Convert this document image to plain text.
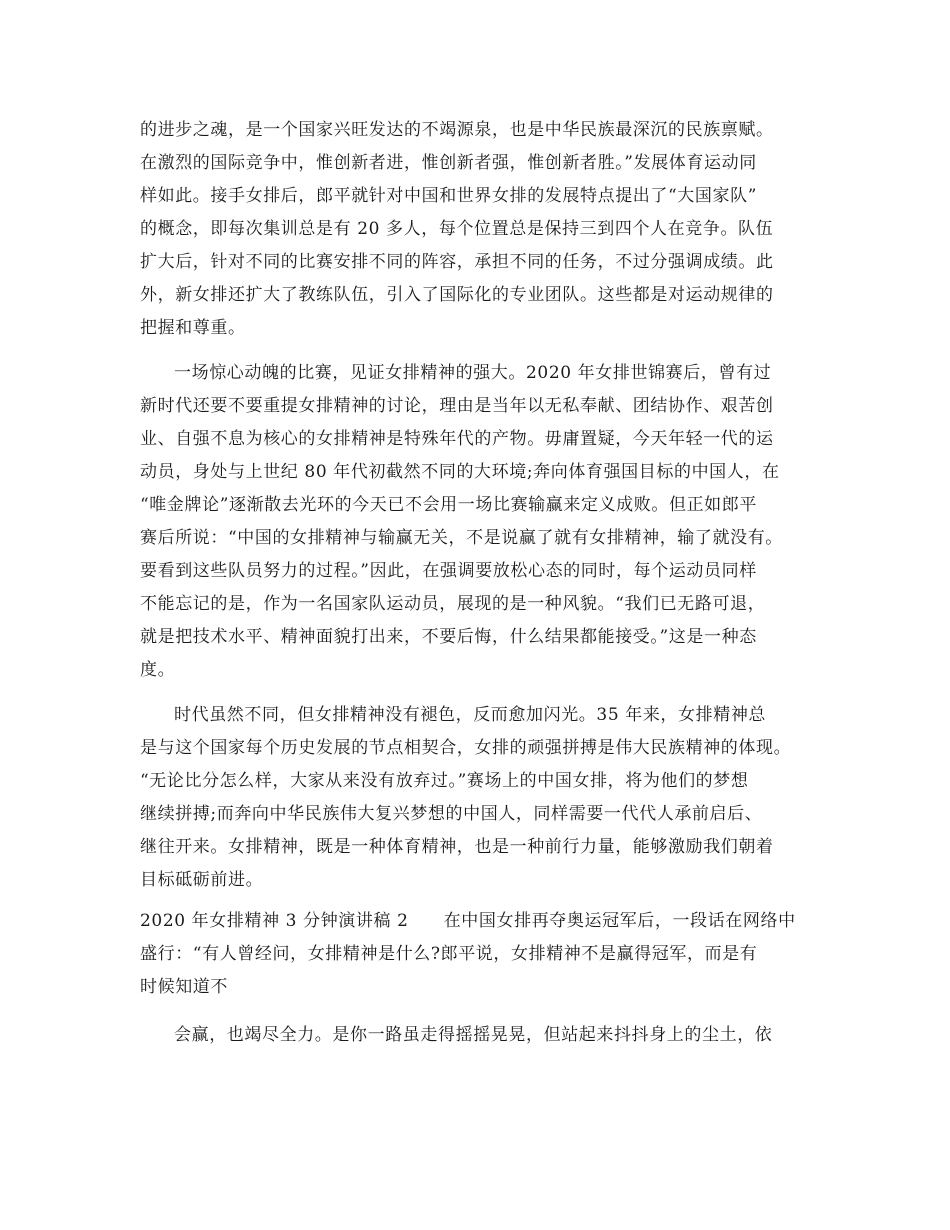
的进步之魂，是一个国家兴旺发达的不竭源泉，也是中华民族最深沉的民族禀赋。
在激烈的国际竞争中，惟创新者进，惟创新者强，惟创新者胜。”发展体育运动同
样如此。接手女排后，郎平就针对中国和世界女排的发展特点提出了“大国家队”
的概念，即每次集训总是有 20 多人，每个位置总是保持三到四个人在竞争。队伍
扩大后，针对不同的比赛安排不同的阵容，承担不同的任务，不过分强调成绩。此
外，新女排还扩大了教练队伍，引入了国际化的专业团队。这些都是对运动规律的
把握和尊重。
一场惊心动魄的比赛，见证女排精神的强大。2020 年女排世锦赛后，曾有过
新时代还要不要重提女排精神的讨论，理由是当年以无私奉献、团结协作、艰苦创
业、自强不息为核心的女排精神是特殊年代的产物。毋庸置疑，今天年轻一代的运
动员，身处与上世纪 80 年代初截然不同的大环境;奔向体育强国目标的中国人，在
“唯金牌论”逐渐散去光环的今天已不会用一场比赛输赢来定义成败。但正如郎平
赛后所说：“中国的女排精神与输赢无关，不是说赢了就有女排精神，输了就没有。
要看到这些队员努力的过程。”因此，在强调要放松心态的同时，每个运动员同样
不能忘记的是，作为一名国家队运动员，展现的是一种风貌。“我们已无路可退，
就是把技术水平、精神面貌打出来，不要后悔，什么结果都能接受。”这是一种态
度。
时代虽然不同，但女排精神没有褪色，反而愈加闪光。35 年来，女排精神总
是与这个国家每个历史发展的节点相契合，女排的顽强拼搏是伟大民族精神的体现。
“无论比分怎么样，大家从来没有放弃过。”赛场上的中国女排，将为他们的梦想
继续拼搏;而奔向中华民族伟大复兴梦想的中国人，同样需要一代代人承前启后、
继往开来。女排精神，既是一种体育精神，也是一种前行力量，能够激励我们朝着
目标砥砺前进。
2020 年女排精神 3 分钟演讲稿 2　　在中国女排再夺奥运冠军后，一段话在网络中
盛行：“有人曾经问，女排精神是什么?郎平说，女排精神不是赢得冠军，而是有
时候知道不
会赢，也竭尽全力。是你一路虽走得摇摇晃晃，但站起来抖抖身上的尘土，依
